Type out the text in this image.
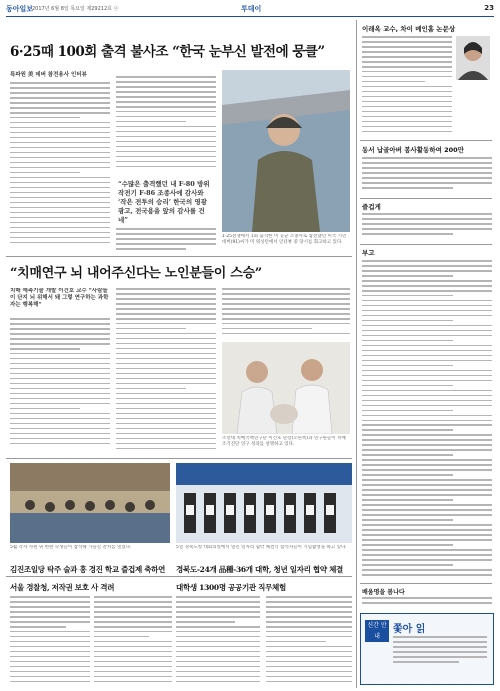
동아일보
2017년 6월 8일 목요일 제29212호 ⓐ	투데이	23
6·25때 100회 출격 불사조 “한국 눈부신 발전에 뭉클”
특파원 美 데버 참전용사 인터뷰
“수많은 출격했던 내 F-80 방위 작전기 F-86 조종사에 감사와 ‘작은 전투의 승리’ 한국의 영광 광고, 전국용을 앞의 감사를 건네”
1·25전쟁에서 1회 출격한 미 공군 조종사로 참전했던 미국 시민 데버(91)씨가 미 워싱턴에서 인터뷰 중 당시를 회고하고 있다.
“치매연구 뇌 내어주신다는 노인분들이 스승”
치매 예측기술 개발 이건호 교수 “사람들이 단지 뇌 위해서 돼 그렇 연구하는 과학자는 행복해”
조선대 치매국책연구단 이건호 단장(오른쪽)과 연구원들이 치매 조기진단 연구 성과를 설명하고 있다.
5월 각자 사원 위 현판 학생들이 참석해 가을길 잔치를 열었다.	5일 경북도청 대회의실에서 열린 일자리 협약 체결식 참석자들이 기념촬영을 하고 있다.
김진조일당 탁주 술과 흥 경진 학교 즐겁제 축하연 경북도-24개 品種-36개 대학, 청년 일자리 협약 체결
서울 경찰청, 저작권 보호 사 격려	대학생 1300명 공공기관 직무체험
이래옥 교수, 차이 메인홈 논문상
동서 납골아버 봉사활동하여 200만
즐겁게
부고
배움명을 봄나다
신간 안내
쫓아 읽
